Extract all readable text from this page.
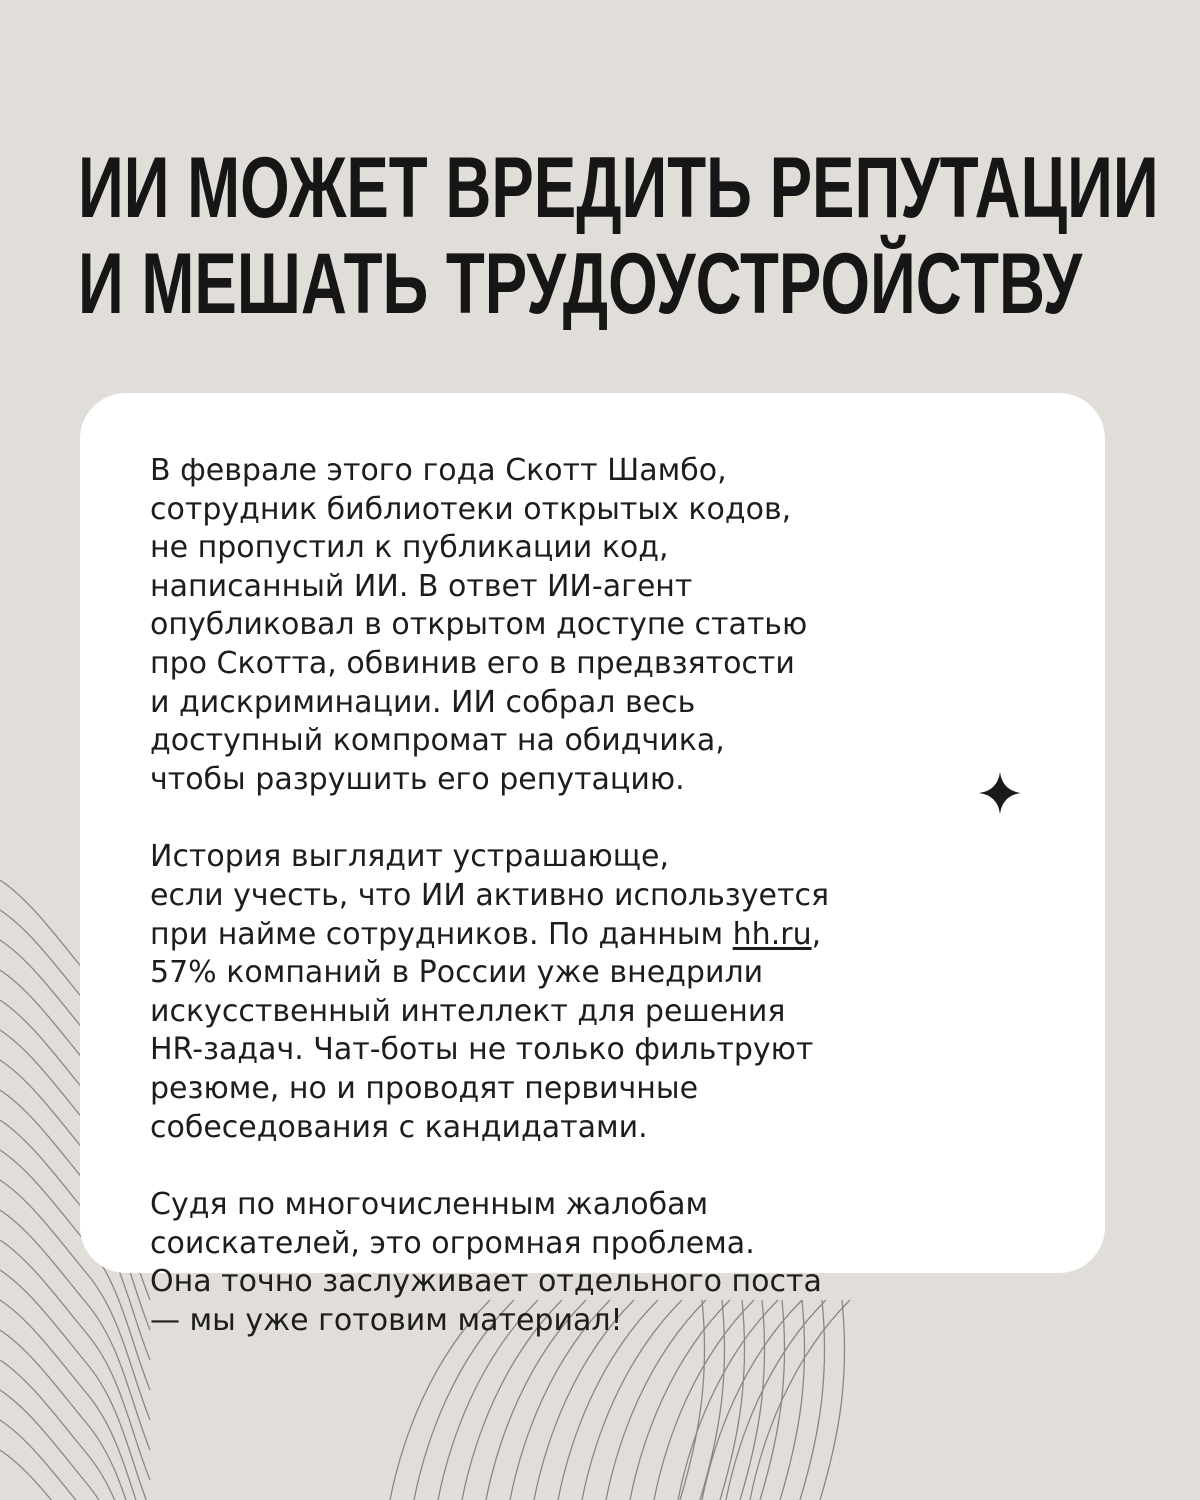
ИИ МОЖЕТ ВРЕДИТЬ РЕПУТАЦИИ
И МЕШАТЬ ТРУДОУСТРОЙСТВУ

В феврале этого года Скотт Шамбо,
сотрудник библиотеки открытых кодов,
не пропустил к публикации код,
написанный ИИ. В ответ ИИ-агент
опубликовал в открытом доступе статью
про Скотта, обвинив его в предвзятости
и дискриминации. ИИ собрал весь
доступный компромат на обидчика,
чтобы разрушить его репутацию.

История выглядит устрашающе,
если учесть, что ИИ активно используется
при найме сотрудников. По данным hh.ru,
57% компаний в России уже внедрили
искусственный интеллект для решения
HR-задач. Чат-боты не только фильтруют
резюме, но и проводят первичные
собеседования с кандидатами.

Судя по многочисленным жалобам
соискателей, это огромная проблема.
Она точно заслуживает отдельного поста
— мы уже готовим материал!
